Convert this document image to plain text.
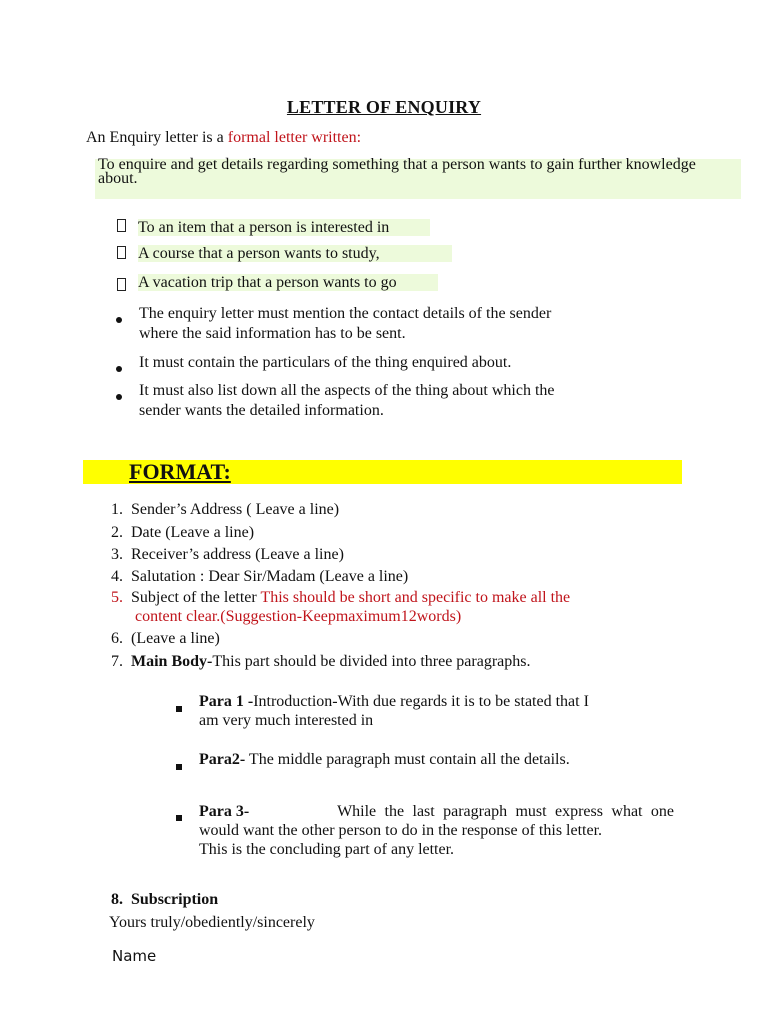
LETTER OF ENQUIRY
An Enquiry letter is a formal letter written:
To enquire and get details regarding something that a person wants to gain further knowledge about.
To an item that a person is interested in
A course that a person wants to study,
A vacation trip that a person wants to go
The enquiry letter must mention the contact details of the sender
where the said information has to be sent.
It must contain the particulars of the thing enquired about.
It must also list down all the aspects of the thing about which the
sender wants the detailed information.
FORMAT:
1. Sender’s Address ( Leave a line)
2. Date (Leave a line)
3. Receiver’s address (Leave a line)
4. Salutation : Dear Sir/Madam (Leave a line)
5. Subject of the letter This should be short and specific to make all the
content clear.(Suggestion-Keepmaximum12words)
6.  (Leave a line)
7. Main Body-This part should be divided into three paragraphs.
Para 1 -Introduction-With due regards it is to be stated that I
am very much interested in
Para2- The middle paragraph must contain all the details.
Para 3-	While the last paragraph must express what one
would want the other person to do in the response of this letter.
This is the concluding part of any letter.
8. Subscription
Yours truly/obediently/sincerely
Name
